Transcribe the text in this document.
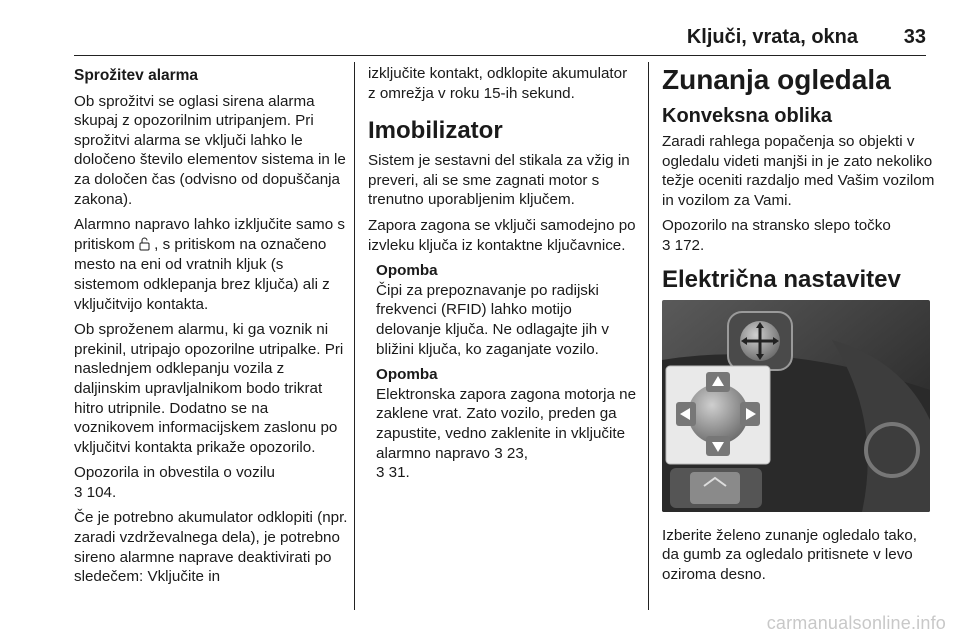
Ključi, vrata, okna 33
Sprožitev alarma

Ob sprožitvi se oglasi sirena alarma skupaj z opozorilnim utripanjem. Pri sprožitvi alarma se vključi lahko le določeno število elementov sistema in le za določen čas (odvisno od dopuščanja zakona).

Alarmno napravo lahko izključite samo s pritiskom , s pritiskom na označeno mesto na eni od vratnih kljuk (s sistemom odklepanja brez ključa) ali z vključitvijo kontakta.

Ob sproženem alarmu, ki ga voznik ni prekinil, utripajo opozorilne utripalke. Pri naslednjem odklepanju vozila z daljinskim upravljalnikom bodo trikrat hitro utripnile. Dodatno se na voznikovem informacijskem zaslonu po vključitvi kontakta prikaže opozorilo.

Opozorila in obvestila o vozilu
3 104.

Če je potrebno akumulator odklopiti (npr. zaradi vzdrževalnega dela), je potrebno sireno alarmne naprave deaktivirati po sledečem: Vključite in

izključite kontakt, odklopite akumulator z omrežja v roku 15-ih sekund.

Imobilizator

Sistem je sestavni del stikala za vžig in preveri, ali se sme zagnati motor s trenutno uporabljenim ključem.

Zapora zagona se vključi samodejno po izvleku ključa iz kontaktne ključavnice.

Opomba

Čipi za prepoznavanje po radijski frekvenci (RFID) lahko motijo delovanje ključa. Ne odlagajte jih v bližini ključa, ko zaganjate vozilo.

Opomba

Elektronska zapora zagona motorja ne zaklene vrat. Zato vozilo, preden ga zapustite, vedno zaklenite in vključite alarmno napravo 3 23,
3 31.

Zunanja ogledala
Konveksna oblika

Zaradi rahlega popačenja so objekti v ogledalu videti manjši in je zato nekoliko težje oceniti razdaljo med Vašim vozilom in vozilom za Vami.

Opozorilo na stransko slepo točko
3 172.

Električna nastavitev

Izberite želeno zunanje ogledalo tako, da gumb za ogledalo pritisnete v levo oziroma desno.

carmanualsonline.info
